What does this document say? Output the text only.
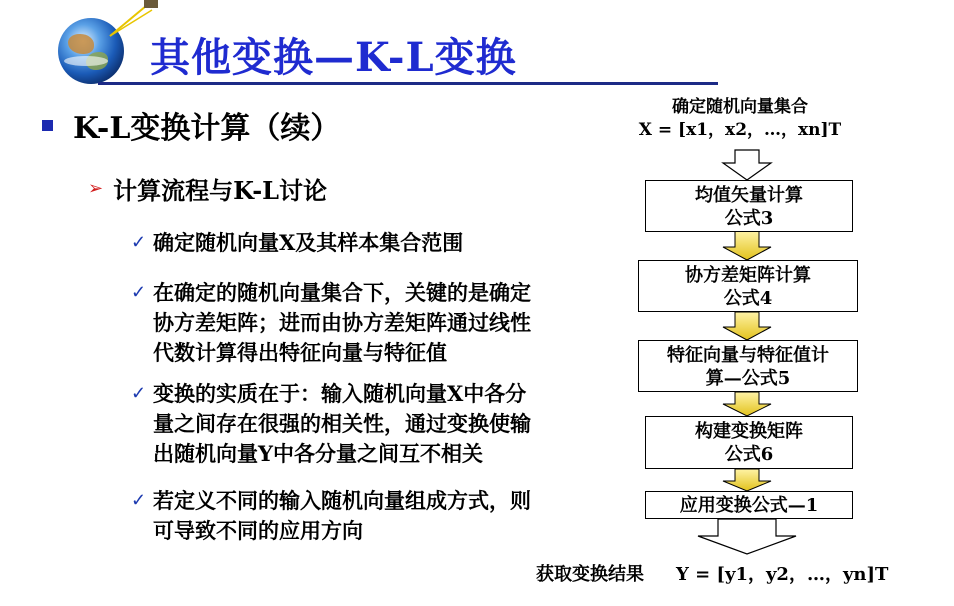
其他变换—K-L变换
K-L变换计算（续）
➢ 计算流程与K-L讨论
✓ 确定随机向量X及其样本集合范围
✓ 在确定的随机向量集合下，关键的是确定
协方差矩阵；进而由协方差矩阵通过线性
代数计算得出特征向量与特征值
✓ 变换的实质在于：输入随机向量X中各分
量之间存在很强的相关性，通过变换使输
出随机向量Y中各分量之间互不相关
✓ 若定义不同的输入随机向量组成方式，则
可导致不同的应用方向
确定随机向量集合
X = [x1，x2，…，xn]T
均值矢量计算
公式3
协方差矩阵计算
公式4
特征向量与特征值计
算—公式5
构建变换矩阵
公式6
应用变换公式—1
获取变换结果 Y = [y1，y2，…，yn]T
